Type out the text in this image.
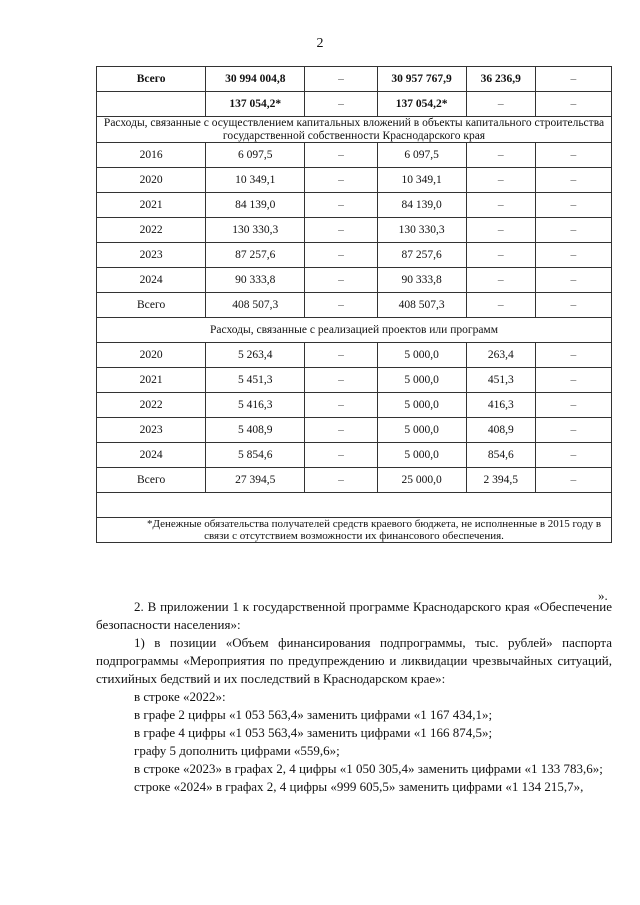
2
Всего	30 994 004,8	–	30 957 767,9	36 236,9	–
	137 054,2*	–	137 054,2*	–	–
Расходы, связанные с осуществлением капитальных вложений в объекты капитального строительства государственной собственности Краснодарского края					
2016	6 097,5	–	6 097,5	–	–
2020	10 349,1	–	10 349,1	–	–
2021	84 139,0	–	84 139,0	–	–
2022	130 330,3	–	130 330,3	–	–
2023	87 257,6	–	87 257,6	–	–
2024	90 333,8	–	90 333,8	–	–
Всего	408 507,3	–	408 507,3	–	–
Расходы, связанные с реализацией проектов или программ					
2020	5 263,4	–	5 000,0	263,4	–
2021	5 451,3	–	5 000,0	451,3	–
2022	5 416,3	–	5 000,0	416,3	–
2023	5 408,9	–	5 000,0	408,9	–
2024	5 854,6	–	5 000,0	854,6	–
Всего	27 394,5	–	25 000,0	2 394,5	–

*Денежные обязательства получателей средств краевого бюджета, не исполненные в 2015 году в связи с отсутствием возможности их финансового обеспечения.					
».

2. В приложении 1 к государственной программе Краснодарского края «Обеспечение безопасности населения»:

1) в позиции «Объем финансирования подпрограммы, тыс. рублей» паспорта подпрограммы «Мероприятия по предупреждению и ликвидации чрезвычайных ситуаций, стихийных бедствий и их последствий в Краснодарском крае»:

в строке «2022»:

в графе 2 цифры «1 053 563,4» заменить цифрами «1 167 434,1»;

в графе 4 цифры «1 053 563,4» заменить цифрами «1 166 874,5»;

графу 5 дополнить цифрами «559,6»;

в строке «2023» в графах 2, 4 цифры «1 050 305,4» заменить цифрами «1 133 783,6»;

строке «2024» в графах 2, 4 цифры «999 605,5» заменить цифрами «1 134 215,7»,
